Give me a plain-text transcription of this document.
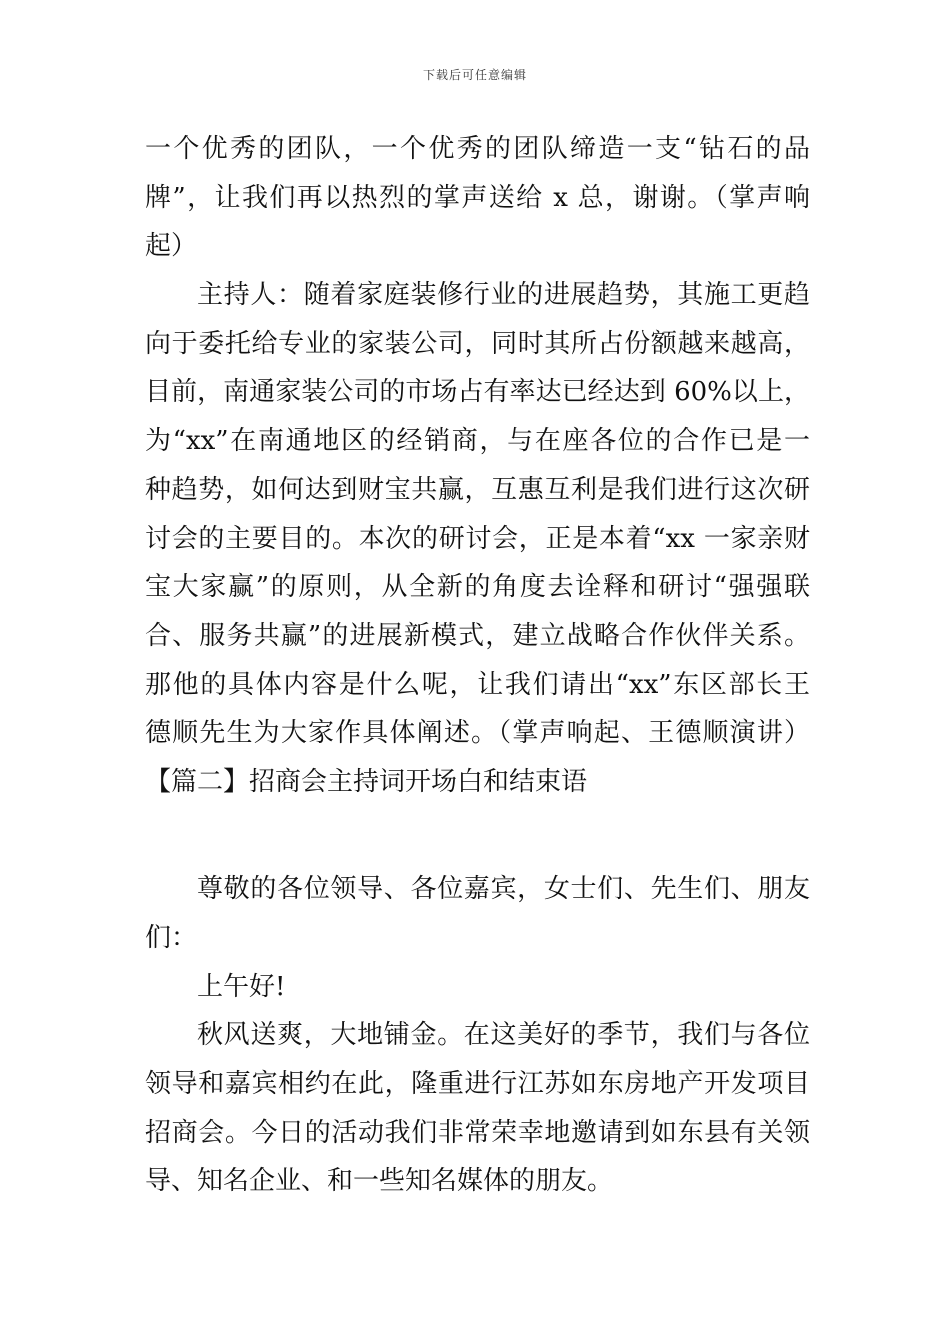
下载后可任意编辑
一个优秀的团队，一个优秀的团队缔造一支“钻石的品
牌”，让我们再以热烈的掌声送给 x 总，谢谢。（掌声响
起）
主持人：随着家庭装修行业的进展趋势，其施工更趋
向于委托给专业的家装公司，同时其所占份额越来越高，
目前，南通家装公司的市场占有率达已经达到 60%以上，
为“xx”在南通地区的经销商，与在座各位的合作已是一
种趋势，如何达到财宝共赢，互惠互利是我们进行这次研
讨会的主要目的。本次的研讨会，正是本着“xx 一家亲财
宝大家赢”的原则，从全新的角度去诠释和研讨“强强联
合、服务共赢”的进展新模式，建立战略合作伙伴关系。
那他的具体内容是什么呢，让我们请出“xx”东区部长王
德顺先生为大家作具体阐述。（掌声响起、王德顺演讲）
【篇二】招商会主持词开场白和结束语
尊敬的各位领导、各位嘉宾，女士们、先生们、朋友
们：
上午好!
秋风送爽，大地铺金。在这美好的季节，我们与各位
领导和嘉宾相约在此，隆重进行江苏如东房地产开发项目
招商会。今日的活动我们非常荣幸地邀请到如东县有关领
导、知名企业、和一些知名媒体的朋友。
